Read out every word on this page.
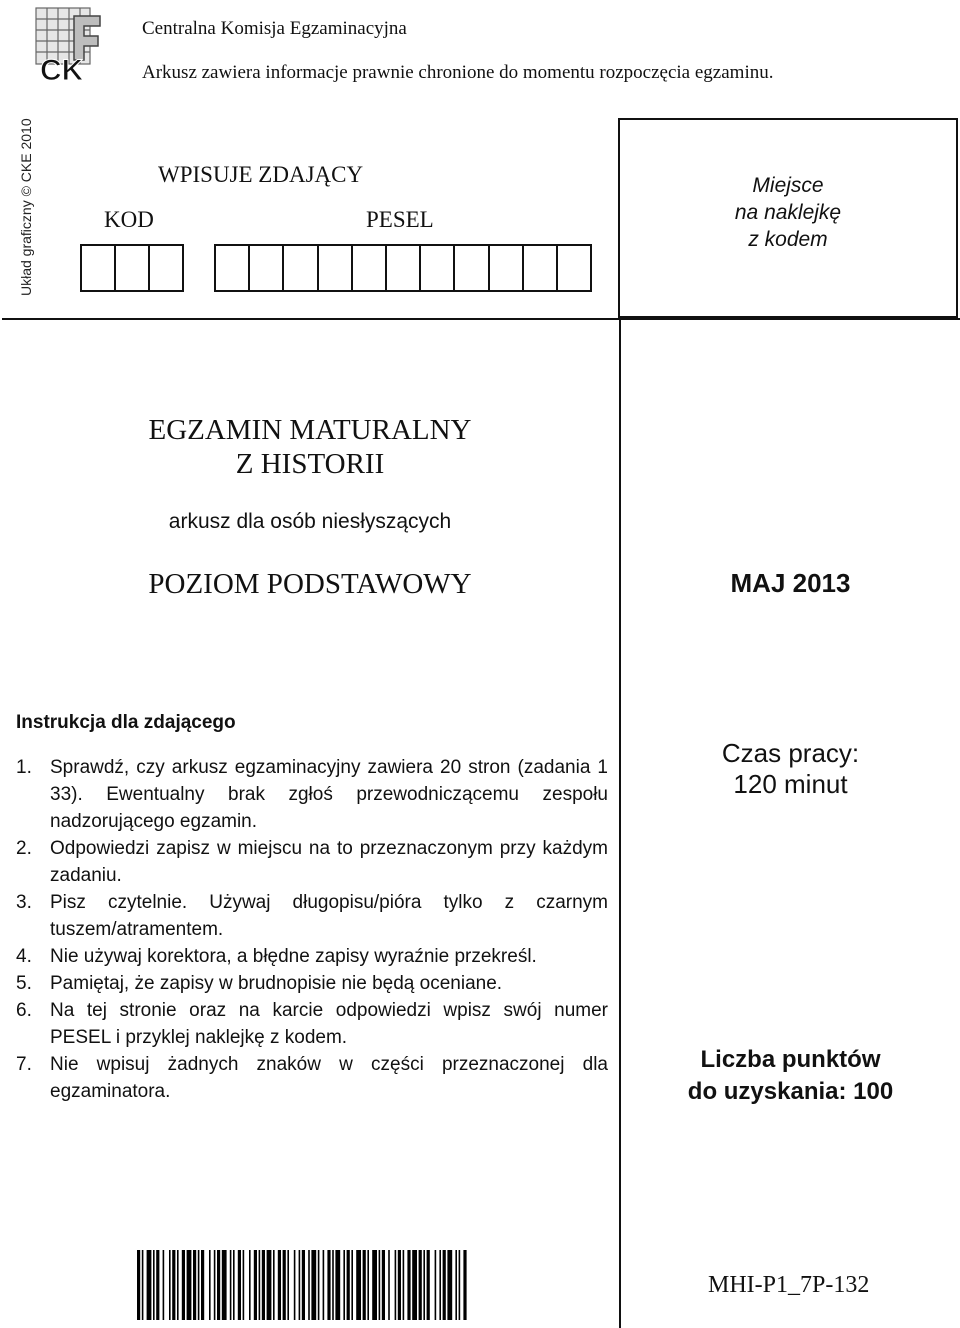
CK
Centralna Komisja Egzaminacyjna
Arkusz zawiera informacje prawnie chronione do momentu rozpoczęcia egzaminu.
Układ graficzny © CKE 2010	WPISUJE ZDAJĄCY
KOD	PESEL
Miejsce
na naklejkę
z kodem
EGZAMIN MATURALNY
Z HISTORII
arkusz dla osób niesłyszących
POZIOM PODSTAWOWY	MAJ 2013
Instrukcja dla zdającego
1. Sprawdź, czy arkusz egzaminacyjny zawiera 20 stron (zadania 1 33). Ewentualny brak zgłoś przewodniczącemu zespołu nadzorującego egzamin.
2. Odpowiedzi zapisz w miejscu na to przeznaczonym przy każdym zadaniu.
3. Pisz czytelnie. Używaj długopisu/pióra tylko z czarnym tuszem/atramentem.
4. Nie używaj korektora, a błędne zapisy wyraźnie przekreśl.
5. Pamiętaj, że zapisy w brudnopisie nie będą oceniane.
6. Na tej stronie oraz na karcie odpowiedzi wpisz swój numer PESEL i przyklej naklejkę z kodem.
7. Nie wpisuj żadnych znaków w części przeznaczonej dla egzaminatora.
Czas pracy:
120 minut
Liczba punktów
do uzyskania: 100
MHI-P1_7P-132
